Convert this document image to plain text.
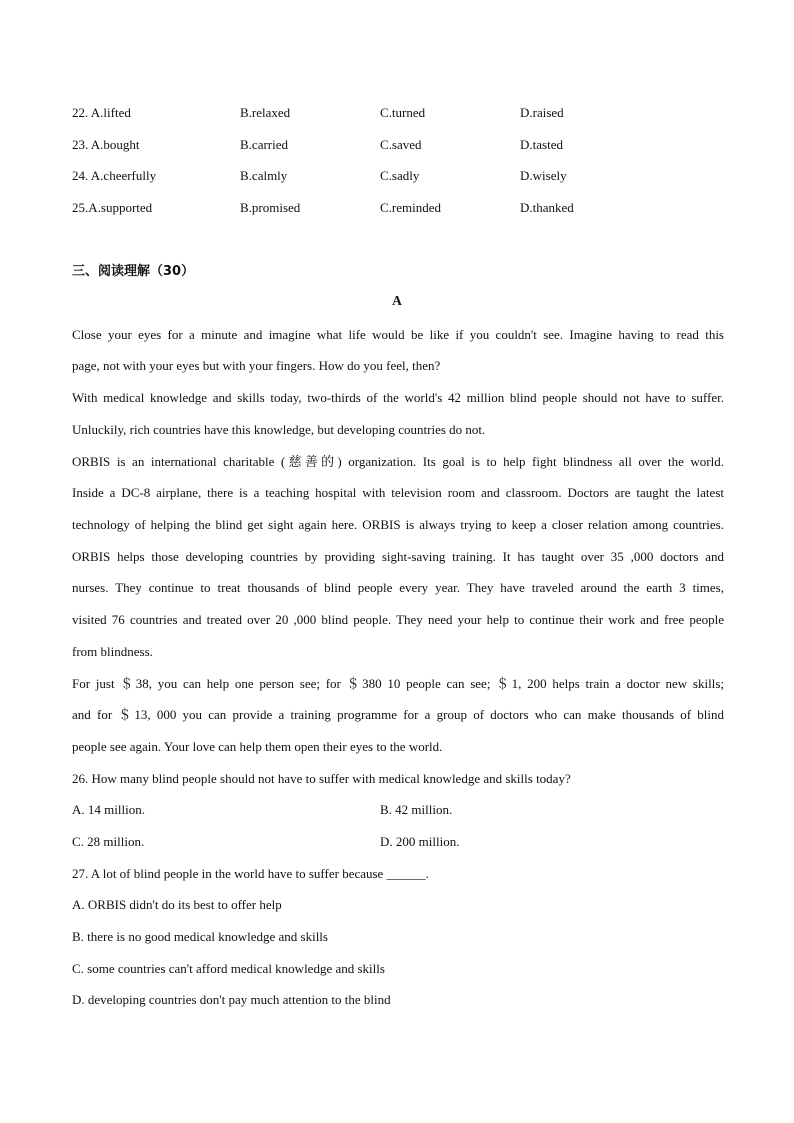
22. A.lifted	B.relaxed	C.turned	D.raised
23. A.bought	B.carried	C.saved	D.tasted
24. A.cheerfully	B.calmly	C.sadly	D.wisely
25.A.supported	B.promised	C.reminded	D.thanked
三、阅读理解（30）
A
Close your eyes for a minute and imagine what life would be like if you couldn't see. Imagine having to read this
page, not with your eyes but with your fingers. How do you feel, then?
With medical knowledge and skills today, two-thirds of the world's 42 million blind people should not have to suffer.
Unluckily, rich countries have this knowledge, but developing countries do not.
ORBIS is an international charitable (慈善的) organization. Its goal is to help fight blindness all over the world.
Inside a DC-8 airplane, there is a teaching hospital with television room and classroom. Doctors are taught the latest
technology of helping the blind get sight again here. ORBIS is always trying to keep a closer relation among countries.
ORBIS helps those developing countries by providing sight-saving training. It has taught over 35 ,000 doctors and
nurses. They continue to treat thousands of blind people every year. They have traveled around the earth 3 times,
visited 76 countries and treated over 20 ,000 blind people. They need your help to continue their work and free people
from blindness.
For just ＄38, you can help one person see; for ＄380 10 people can see; ＄1, 200 helps train a doctor new skills;
and for ＄13, 000 you can provide a training programme for a group of doctors who can make thousands of blind
people see again. Your love can help them open their eyes to the world.
26. How many blind people should not have to suffer with medical knowledge and skills today?
A. 14 million.	B. 42 million.
C. 28 million.	D. 200 million.
27. A lot of blind people in the world have to suffer because ______.
A. ORBIS didn't do its best to offer help
B. there is no good medical knowledge and skills
C. some countries can't afford medical knowledge and skills
D. developing countries don't pay much attention to the blind
